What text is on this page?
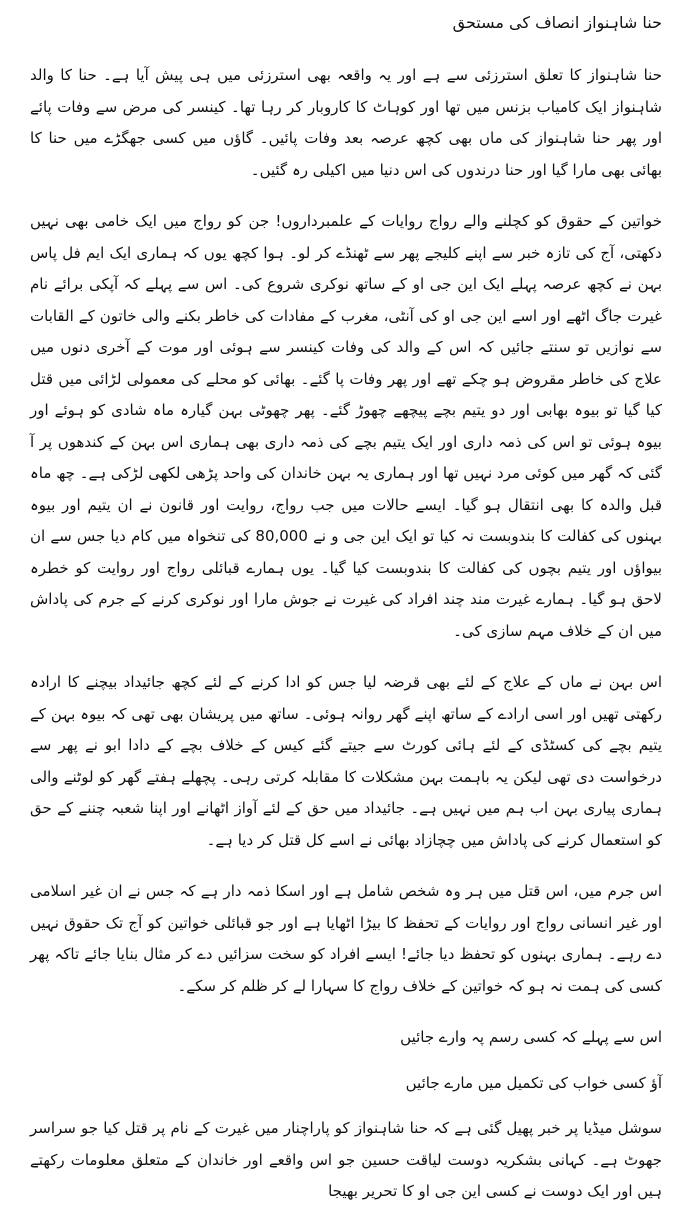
حنا شاہنواز انصاف کی مستحق

حنا شاہنواز کا تعلق استرزئی سے ہے اور یہ واقعہ بھی استرزئی میں ہی پیش آیا ہے۔ حنا کا والد شاہنواز ایک کامیاب بزنس میں تھا اور کوہاٹ کا کاروبار کر رہا تھا۔ کینسر کی مرض سے وفات پائے اور پھر حنا شاہنواز کی ماں بھی کچھ عرصہ بعد وفات پائیں۔ گاؤں میں کسی جھگڑے میں حنا کا بھائی بھی مارا گیا اور حنا درندوں کی اس دنیا میں اکیلی رہ گئیں۔

خواتین کے حقوق کو کچلنے والے رواج روایات کے علمبرداروں! جن کو رواج میں ایک خامی بھی نہیں دکھتی، آج کی تازہ خبر سے اپنے کلیجے پھر سے ٹھنڈے کر لو۔ ہوا کچھ یوں کہ ہماری ایک ایم فل پاس بہن نے کچھ عرصہ پہلے ایک این جی او کے ساتھ نوکری شروع کی۔ اس سے پہلے کہ آپکی برائے نام غیرت جاگ اٹھے اور اسے این جی او کی آنٹی، مغرب کے مفادات کی خاطر بکنے والی خاتون کے القابات سے نوازیں تو سنتے جائیں کہ اس کے والد کی وفات کینسر سے ہوئی اور موت کے آخری دنوں میں علاج کی خاطر مقروض ہو چکے تھے اور پھر وفات پا گئے۔ بھائی کو محلے کی معمولی لڑائی میں قتل کیا گیا تو بیوہ بھابی اور دو یتیم بچے پیچھے چھوڑ گئے۔ پھر چھوٹی بہن گیارہ ماہ شادی کو ہوئے اور بیوہ ہوئی تو اس کی ذمہ داری اور ایک یتیم بچے کی ذمہ داری بھی ہماری اس بہن کے کندھوں پر آ گئی کہ گھر میں کوئی مرد نہیں تھا اور ہماری یہ بہن خاندان کی واحد پڑھی لکھی لڑکی ہے۔ چھ ماہ قبل والدہ کا بھی انتقال ہو گیا۔ ایسے حالات میں جب رواج، روایت اور قانون نے ان یتیم اور بیوہ بہنوں کی کفالت کا بندوبست نہ کیا تو ایک این جی و نے 80,000 کی تنخواہ میں کام دیا جس سے ان بیواؤں اور یتیم بچوں کی کفالت کا بندوبست کیا گیا۔ یوں ہمارے قبائلی رواج اور روایت کو خطرہ لاحق ہو گیا۔ ہمارے غیرت مند چند افراد کی غیرت نے جوش مارا اور نوکری کرنے کے جرم کی پاداش میں ان کے خلاف مہم سازی کی۔

اس بہن نے ماں کے علاج کے لئے بھی قرضہ لیا جس کو ادا کرنے کے لئے کچھ جائیداد بیچنے کا ارادہ رکھتی تھیں اور اسی ارادے کے ساتھ اپنے گھر روانہ ہوئی۔ ساتھ میں پریشان بھی تھی کہ بیوہ بہن کے یتیم بچے کی کسٹڈی کے لئے ہائی کورٹ سے جیتے گئے کیس کے خلاف بچے کے دادا ابو نے پھر سے درخواست دی تھی لیکن یہ باہمت بہن مشکلات کا مقابلہ کرتی رہی۔ پچھلے ہفتے گھر کو لوٹنے والی ہماری پیاری بہن اب ہم میں نہیں ہے۔ جائیداد میں حق کے لئے آواز اٹھانے اور اپنا شعبہ چننے کے حق کو استعمال کرنے کی پاداش میں چچازاد بھائی نے اسے کل قتل کر دیا ہے۔

اس جرم میں، اس قتل میں ہر وہ شخص شامل ہے اور اسکا ذمہ دار ہے کہ جس نے ان غیر اسلامی اور غیر انسانی رواج اور روایات کے تحفظ کا بیڑا اٹھایا ہے اور جو قبائلی خواتین کو آج تک حقوق نہیں دے رہے۔ ہماری بہنوں کو تحفظ دیا جائے! ایسے افراد کو سخت سزائیں دے کر مثال بنایا جائے تاکہ پھر کسی کی ہمت نہ ہو کہ خواتین کے خلاف رواج کا سہارا لے کر ظلم کر سکے۔

اس سے پہلے کہ کسی رسم پہ وارے جائیں

آؤ کسی خواب کی تکمیل میں مارے جائیں

سوشل میڈیا پر خبر پھیل گئی ہے کہ حنا شاہنواز کو پاراچنار میں غیرت کے نام پر قتل کیا جو سراسر جھوٹ ہے۔ کہانی بشکریہ دوست لیاقت حسین جو اس واقعے اور خاندان کے متعلق معلومات رکھتے ہیں اور ایک دوست نے کسی این جی او کا تحریر بھیجا
